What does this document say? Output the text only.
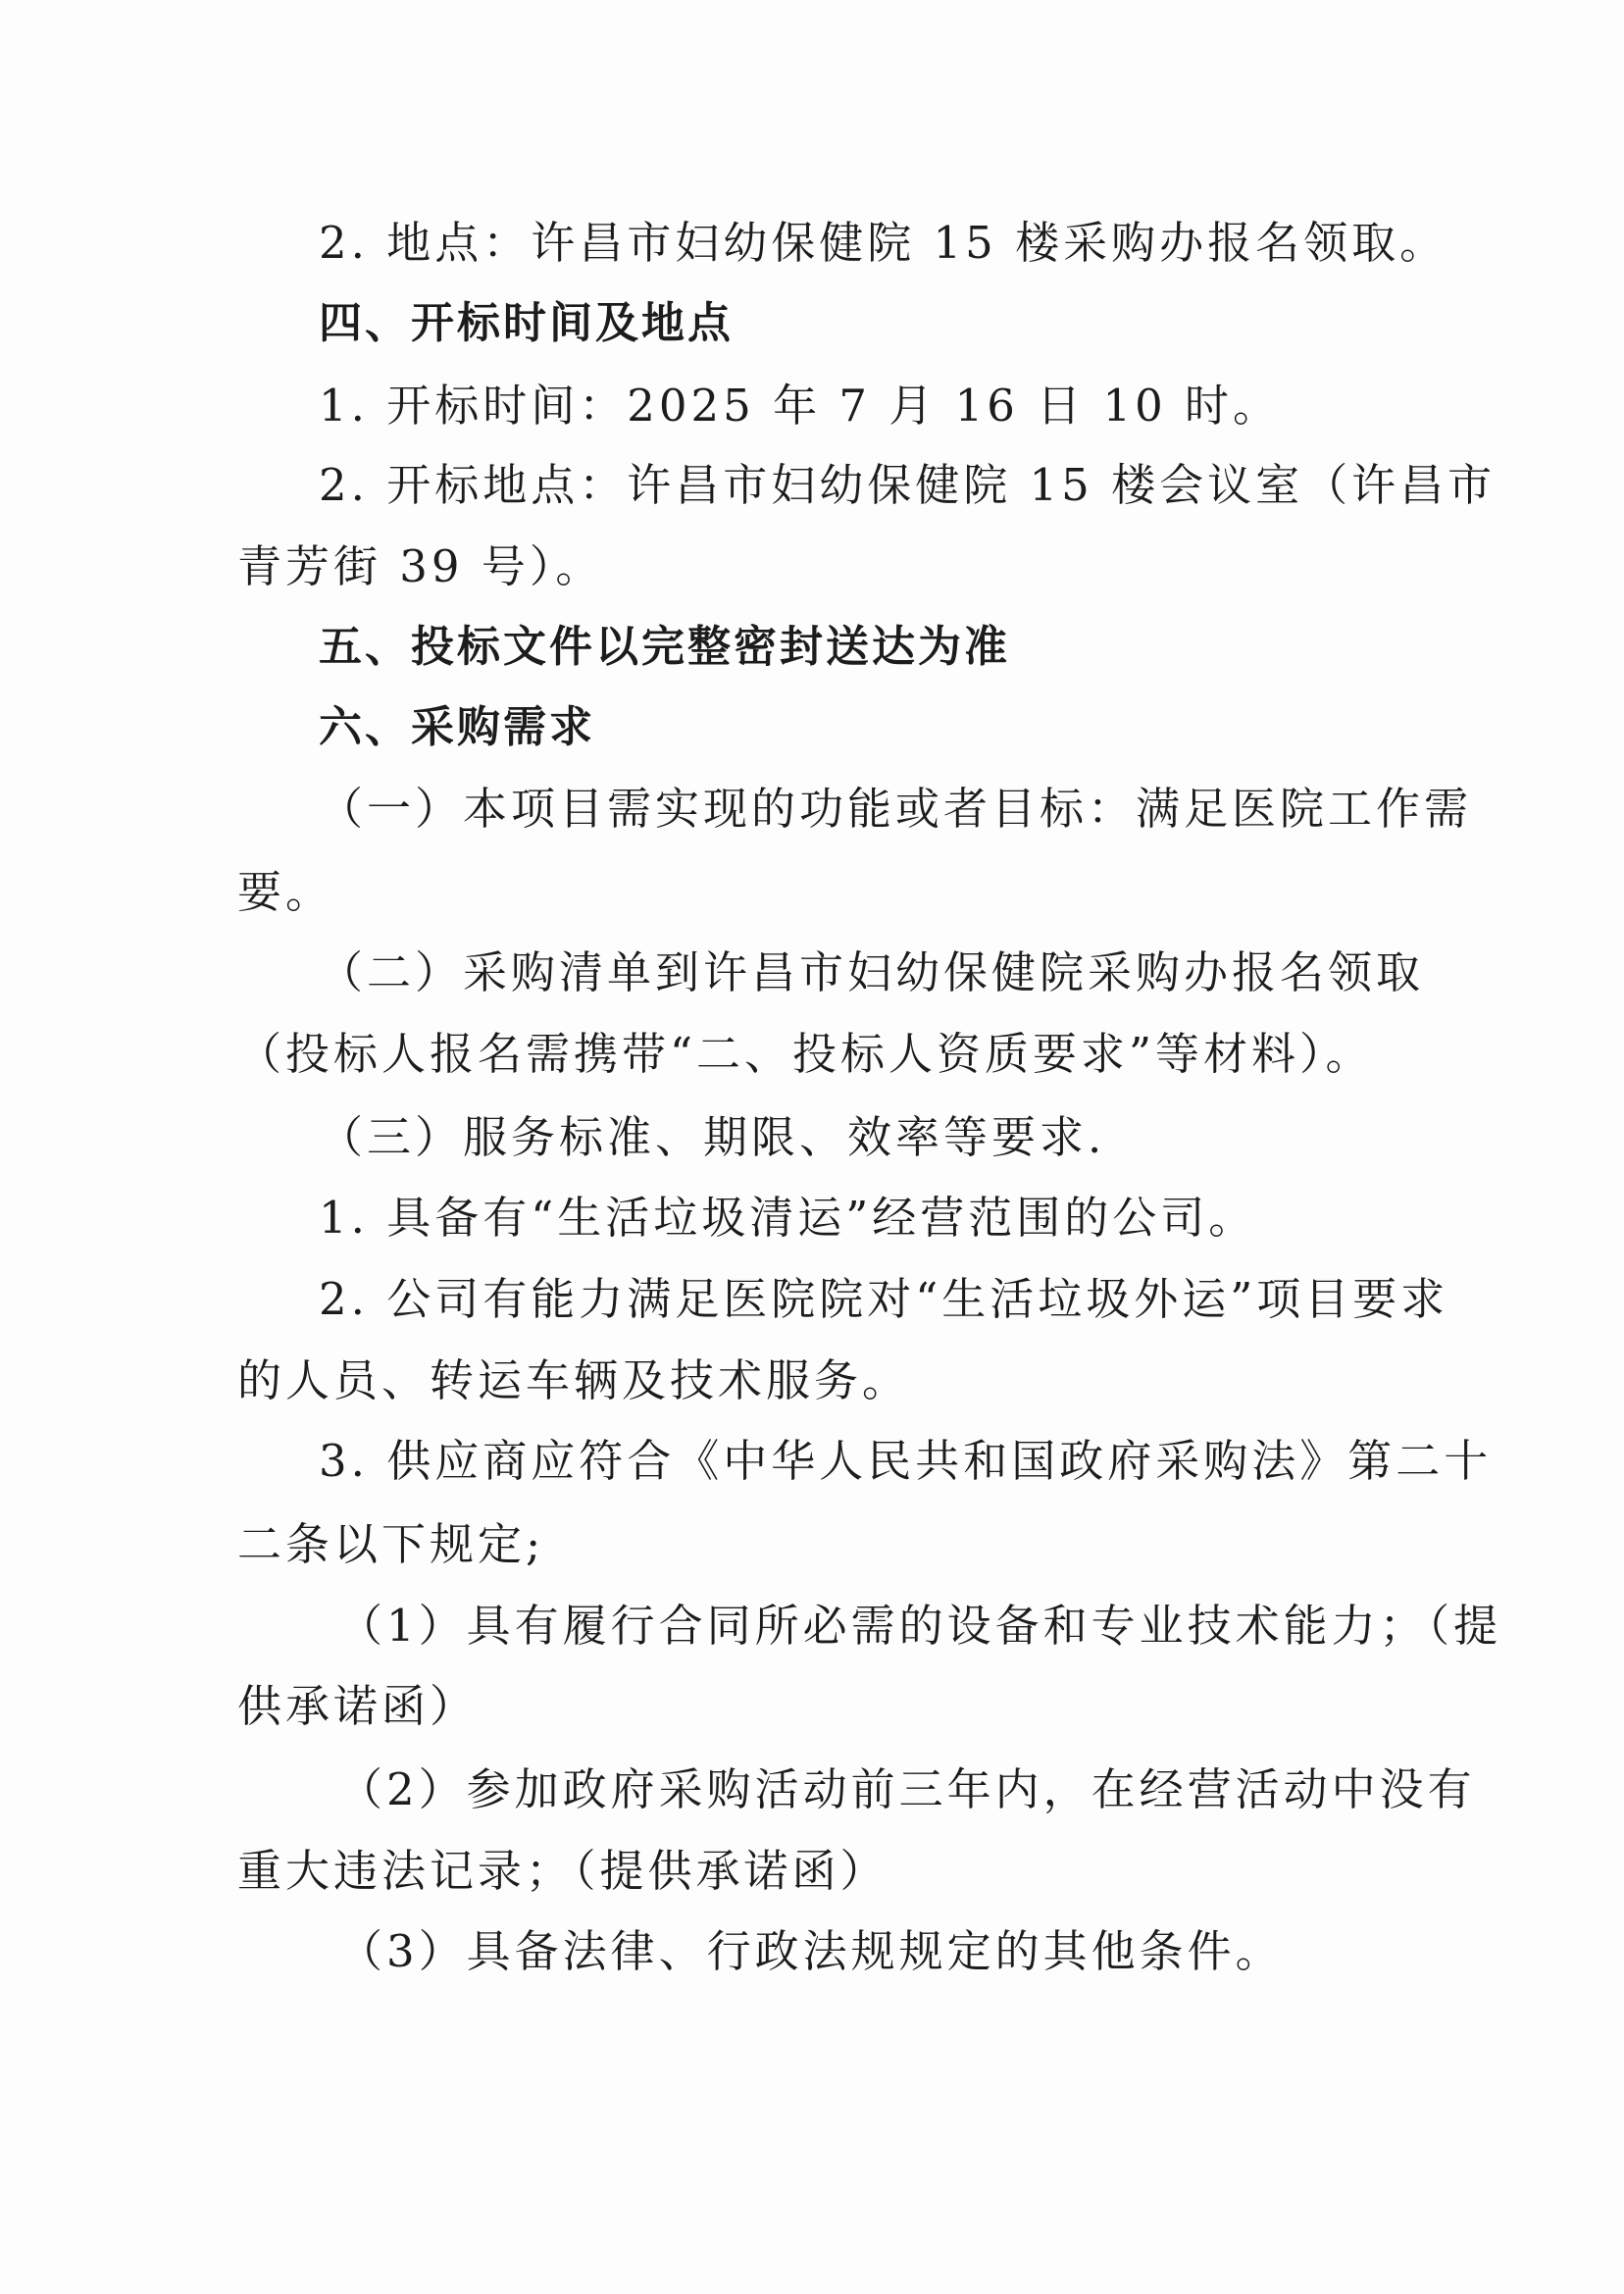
2. 地点：许昌市妇幼保健院 15 楼采购办报名领取。
四、开标时间及地点
1. 开标时间：2025 年 7 月 16 日 10 时。
2. 开标地点：许昌市妇幼保健院 15 楼会议室（许昌市
青芳街 39 号）。
五、投标文件以完整密封送达为准
六、采购需求
（一）本项目需实现的功能或者目标：满足医院工作需
要。
（二）采购清单到许昌市妇幼保健院采购办报名领取
（投标人报名需携带“二、投标人资质要求”等材料）。
（三）服务标准、期限、效率等要求.
1. 具备有“生活垃圾清运”经营范围的公司。
2. 公司有能力满足医院院对“生活垃圾外运”项目要求
的人员、转运车辆及技术服务。
3. 供应商应符合《中华人民共和国政府采购法》第二十
二条以下规定;
（1）具有履行合同所必需的设备和专业技术能力；（提
供承诺函）
（2）参加政府采购活动前三年内，在经营活动中没有
重大违法记录；（提供承诺函）
（3）具备法律、行政法规规定的其他条件。
